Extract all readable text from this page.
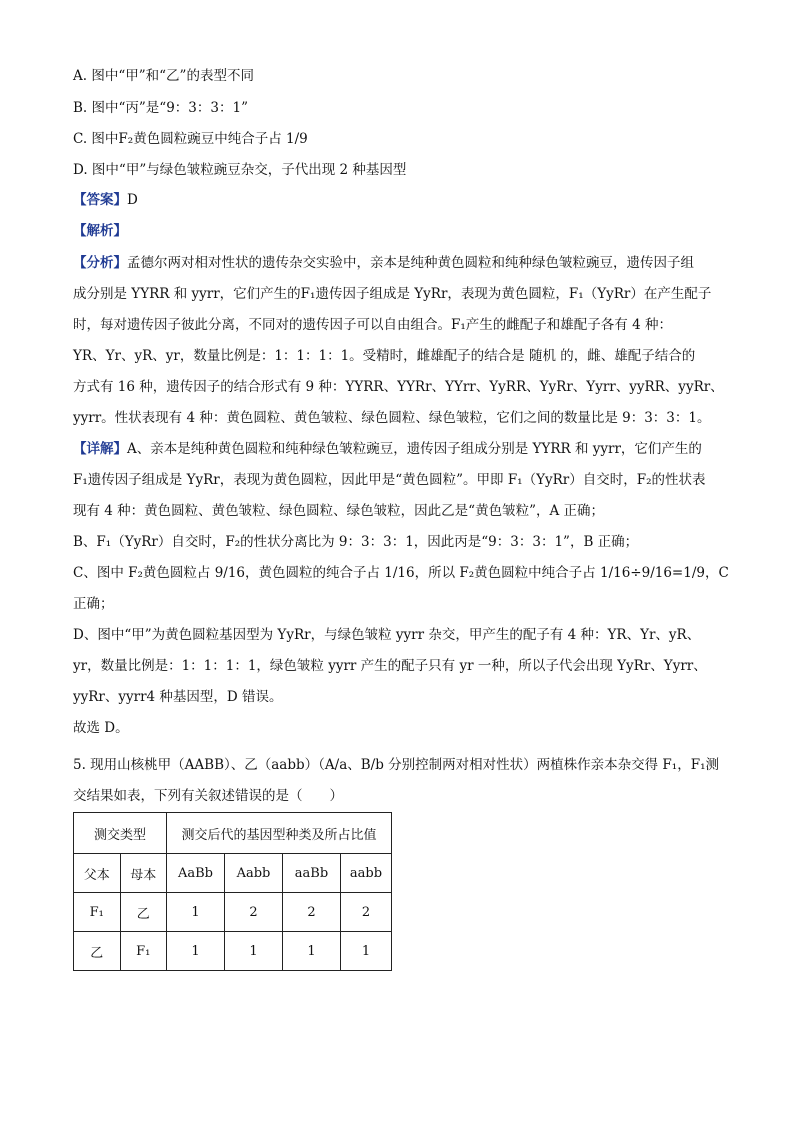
A. 图中“甲”和“乙”的表型不同
B. 图中“丙”是“9：3：3：1”
C. 图中F₂黄色圆粒豌豆中纯合子占 1/9
D. 图中“甲”与绿色皱粒豌豆杂交，子代出现 2 种基因型
【答案】D
【解析】
【分析】孟德尔两对相对性状的遗传杂交实验中，亲本是纯种黄色圆粒和纯种绿色皱粒豌豆，遗传因子组
成分别是 YYRR 和 yyrr，它们产生的F₁遗传因子组成是 YyRr，表现为黄色圆粒，F₁（YyRr）在产生配子
时，每对遗传因子彼此分离，不同对的遗传因子可以自由组合。F₁产生的雌配子和雄配子各有 4 种：
YR、Yr、yR、yr，数量比例是：1：1：1：1。受精时，雌雄配子的结合是 随机 的，雌、雄配子结合的
方式有 16 种，遗传因子的结合形式有 9 种：YYRR、YYRr、YYrr、YyRR、YyRr、Yyrr、yyRR、yyRr、
yyrr。性状表现有 4 种：黄色圆粒、黄色皱粒、绿色圆粒、绿色皱粒，它们之间的数量比是 9：3：3：1。
【详解】A、亲本是纯种黄色圆粒和纯种绿色皱粒豌豆，遗传因子组成分别是 YYRR 和 yyrr，它们产生的
F₁遗传因子组成是 YyRr，表现为黄色圆粒，因此甲是“黄色圆粒”。甲即 F₁（YyRr）自交时，F₂的性状表
现有 4 种：黄色圆粒、黄色皱粒、绿色圆粒、绿色皱粒，因此乙是“黄色皱粒”，A 正确；
B、F₁（YyRr）自交时，F₂的性状分离比为 9：3：3：1，因此丙是“9：3：3：1”，B 正确；
C、图中 F₂黄色圆粒占 9/16，黄色圆粒的纯合子占 1/16，所以 F₂黄色圆粒中纯合子占 1/16÷9/16=1/9，C
正确；
D、图中“甲”为黄色圆粒基因型为 YyRr，与绿色皱粒 yyrr 杂交，甲产生的配子有 4 种：YR、Yr、yR、
yr，数量比例是：1：1：1：1，绿色皱粒 yyrr 产生的配子只有 yr 一种，所以子代会出现 YyRr、Yyrr、
yyRr、yyrr4 种基因型，D 错误。
故选 D。
5. 现用山核桃甲（AABB）、乙（aabb）（A/a、B/b 分别控制两对相对性状）两植株作亲本杂交得 F₁，F₁测
交结果如表，下列有关叙述错误的是（　　）
测交类型		测交后代的基因型种类及所占比值			
父本	母本	AaBb	Aabb	aaBb	aabb
F₁	乙	1	2	2	2
乙	F₁	1	1	1	1
